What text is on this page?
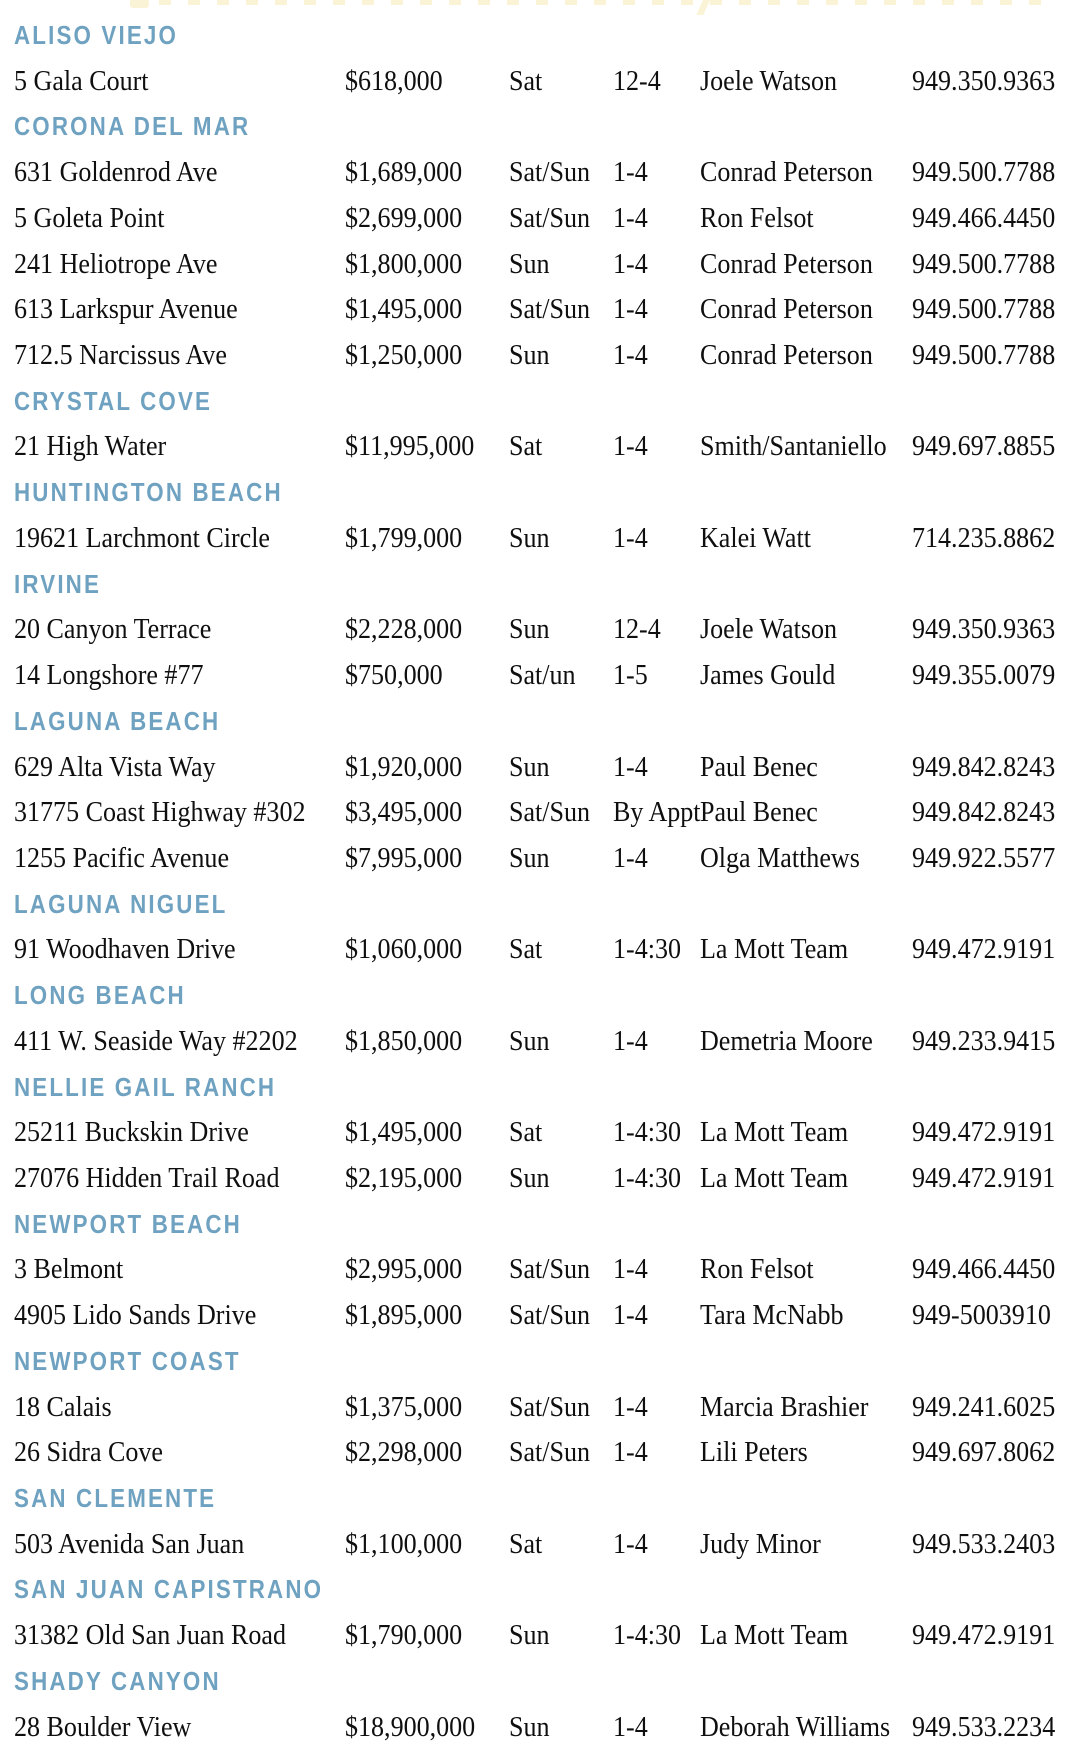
ALISO VIEJO
5 Gala Court	$618,000	Sat	12-4	Joele Watson	949.350.9363
CORONA DEL MAR
631 Goldenrod Ave	$1,689,000	Sat/Sun 1-4	Conrad Peterson	949.500.7788
5 Goleta Point	$2,699,000	Sat/Sun 1-4	Ron Felsot	949.466.4450
241 Heliotrope Ave	$1,800,000	Sun	1-4	Conrad Peterson	949.500.7788
613 Larkspur Avenue	$1,495,000	Sat/Sun 1-4	Conrad Peterson	949.500.7788
712.5 Narcissus Ave	$1,250,000	Sun	1-4	Conrad Peterson	949.500.7788
CRYSTAL COVE
21 High Water	$11,995,000	Sat	1-4	Smith/Santaniello 949.697.8855
HUNTINGTON BEACH
19621 Larchmont Circle	$1,799,000	Sun	1-4	Kalei Watt	714.235.8862
IRVINE
20 Canyon Terrace	$2,228,000	Sun	12-4	Joele Watson	949.350.9363
14 Longshore #77	$750,000	Sat/un	1-5	James Gould	949.355.0079
LAGUNA BEACH
629 Alta Vista Way	$1,920,000	Sun	1-4	Paul Benec	949.842.8243
31775 Coast Highway #302	$3,495,000	Sat/Sun By Appt Paul Benec	949.842.8243
1255 Pacific Avenue	$7,995,000	Sun	1-4	Olga Matthews	949.922.5577
LAGUNA NIGUEL
91 Woodhaven Drive	$1,060,000	Sat	1-4:30 La Mott Team	949.472.9191
LONG BEACH
411 W. Seaside Way #2202	$1,850,000	Sun	1-4	Demetria Moore	949.233.9415
NELLIE GAIL RANCH
25211 Buckskin Drive	$1,495,000	Sat	1-4:30 La Mott Team	949.472.9191
27076 Hidden Trail Road	$2,195,000	Sun	1-4:30 La Mott Team	949.472.9191
NEWPORT BEACH
3 Belmont	$2,995,000	Sat/Sun 1-4	Ron Felsot	949.466.4450
4905 Lido Sands Drive	$1,895,000	Sat/Sun 1-4	Tara McNabb	949-5003910
NEWPORT COAST
18 Calais	$1,375,000	Sat/Sun 1-4	Marcia Brashier	949.241.6025
26 Sidra Cove	$2,298,000	Sat/Sun 1-4	Lili Peters	949.697.8062
SAN CLEMENTE
503 Avenida San Juan	$1,100,000	Sat	1-4	Judy Minor	949.533.2403
SAN JUAN CAPISTRANO
31382 Old San Juan Road	$1,790,000	Sun	1-4:30 La Mott Team	949.472.9191
SHADY CANYON
28 Boulder View	$18,900,000	Sun	1-4	Deborah Williams 949.533.2234
